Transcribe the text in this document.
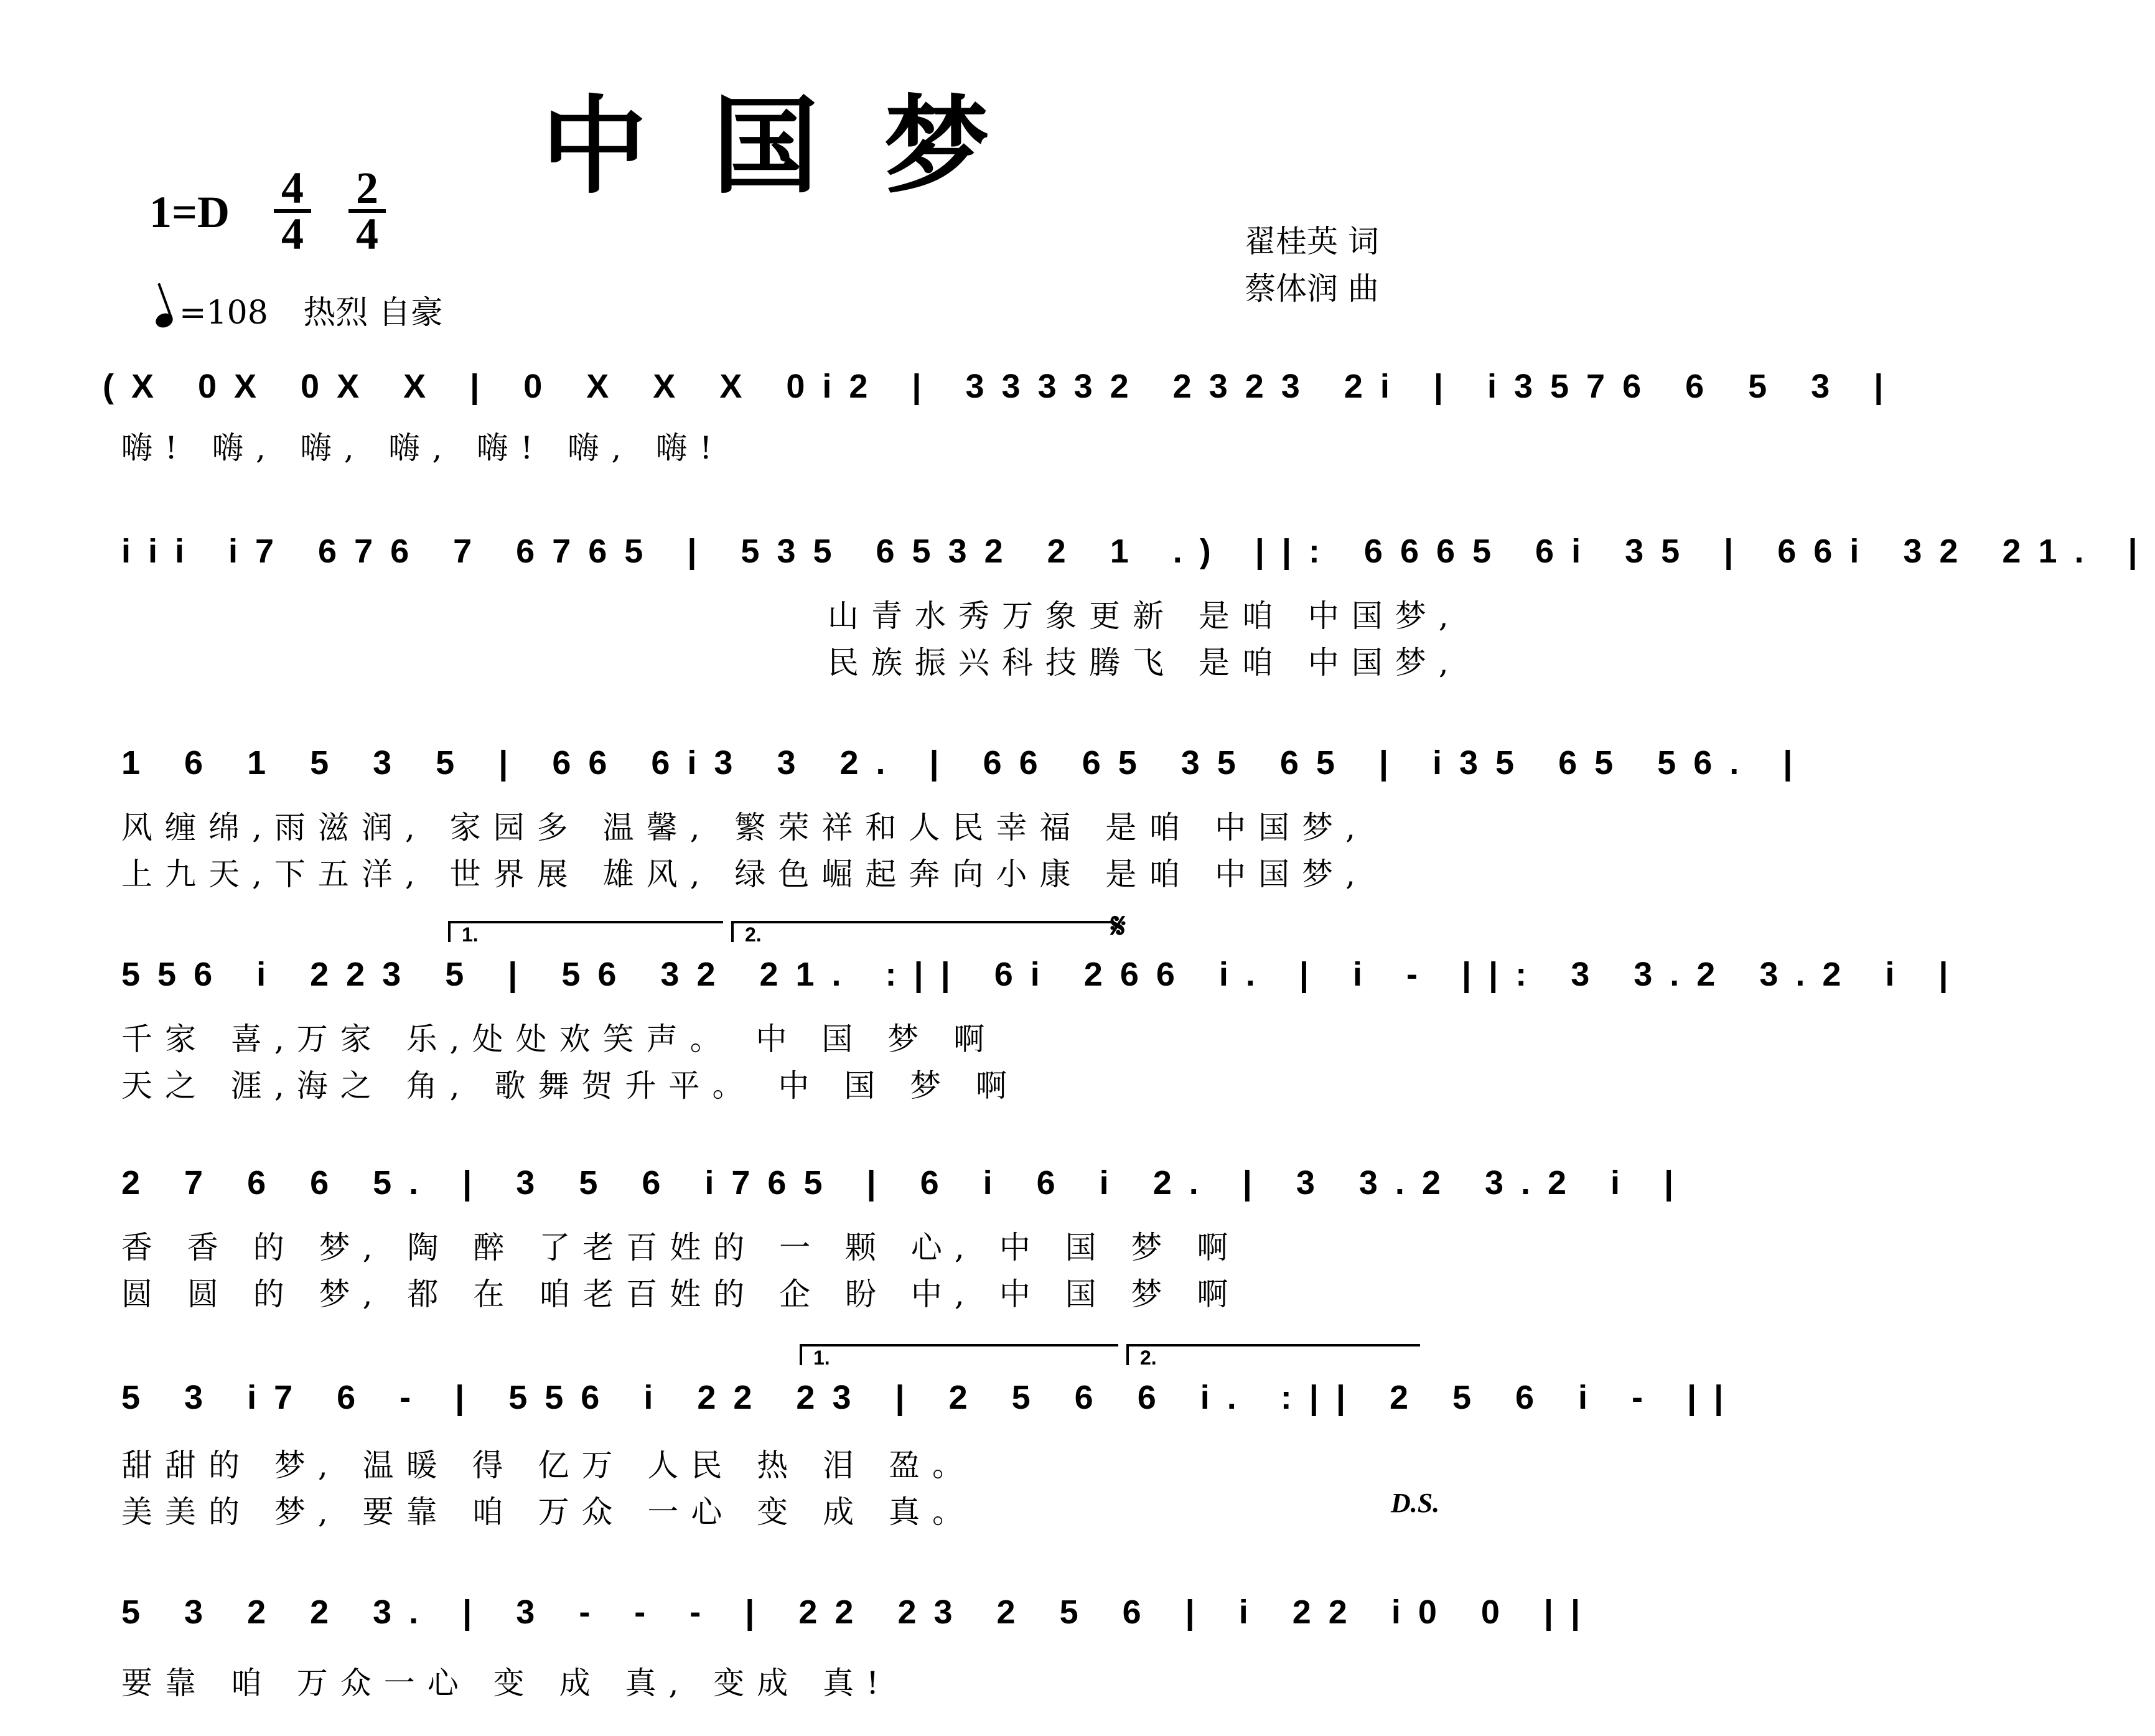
中 国 梦
1=D 4
4
2
4	翟桂英 词
蔡体润 曲
=108 热烈 自豪
(X 0X 0X X | 0 X X X 0i2 | 33332 2323 2i | i3576 6 5 3 |
嗨! 嗨, 嗨, 嗨, 嗨! 嗨, 嗨!
iii i7 676 7 6765 | 535 6532 2 1 .) ||: 6665 6i 35 | 66i 32 21. |
山青水秀万象更新 是咱 中国梦,
民族振兴科技腾飞 是咱 中国梦,
1 6 1 5 3 5 | 66 6i3 3 2. | 66 65 35 65 | i35 65 56. |
风缠绵,雨滋润, 家园多 温馨, 繁荣祥和人民幸福 是咱 中国梦,
上九天,下五洋, 世界展 雄风, 绿色崛起奔向小康 是咱 中国梦,
1.	2.	𝄋
556 i 223 5 | 56 32 21. :|| 6i 266 i. | i - ||: 3 3.2 3.2 i |
千家 喜,万家 乐,处处欢笑声。 中 国 梦 啊
天之 涯,海之 角, 歌舞贺升平。 中 国 梦 啊
2 7 6 6 5. | 3 5 6 i765 | 6 i 6 i 2. | 3 3.2 3.2 i |
香 香 的 梦, 陶 醉 了老百姓的 一 颗 心, 中 国 梦 啊
圆 圆 的 梦, 都 在 咱老百姓的 企 盼 中, 中 国 梦 啊
1.	2.
5 3 i7 6 - | 556 i 22 23 | 2 5 6 6 i. :|| 2 5 6 i - ||
甜甜的 梦, 温暖 得 亿万 人民 热 泪 盈。
美美的 梦, 要靠 咱 万众 一心 变 成 真。	D.S.
5 3 2 2 3. | 3 - - - | 22 23 2 5 6 | i 22 i0 0 ||
要靠 咱 万众一心 变 成 真, 变成 真!
